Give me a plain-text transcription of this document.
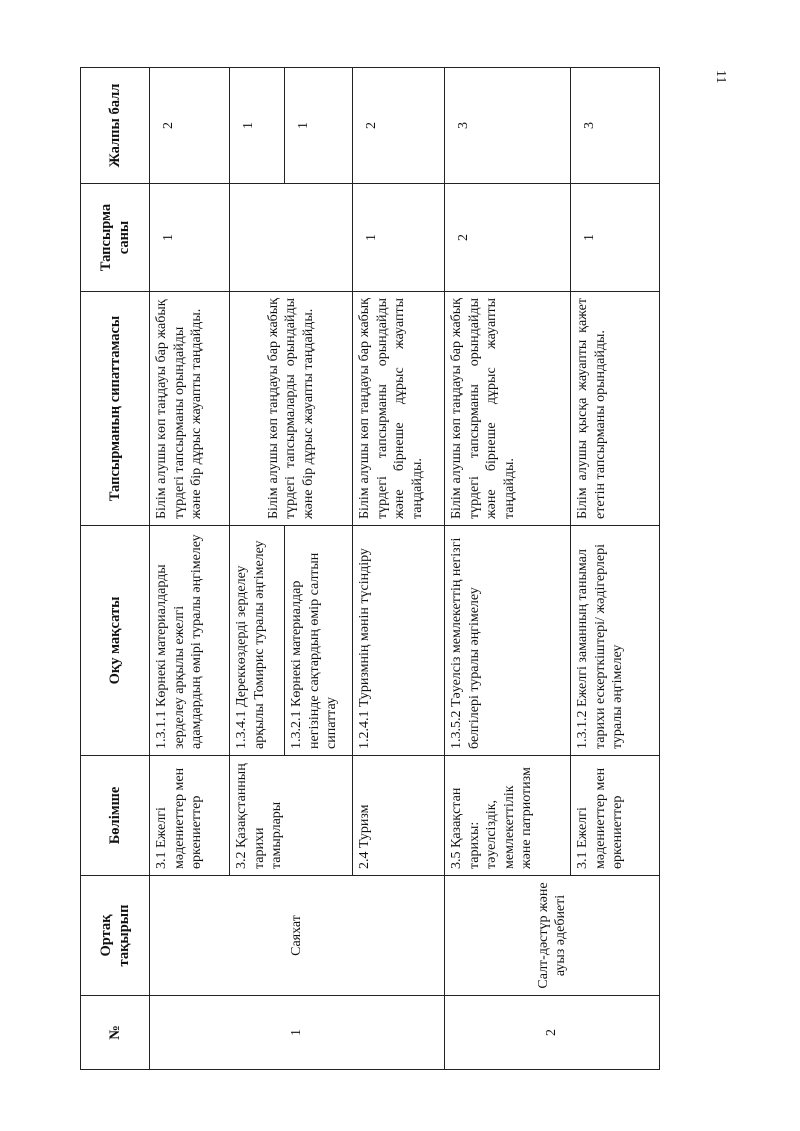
11
№	Ортақ тақырып	Бөлімше	Оқу мақсаты	Тапсырманың сипаттамасы	Тапсырма саны	Жалпы балл
1	Саяхат	3.1 Ежелгі мәдениеттер мен өркениеттер	1.3.1.1 Көрнекі материалдарды зерделеу арқылы ежелгі адамдардың өмірі туралы әңгімелеу	Білім алушы көп таңдауы бар жабық түрдегі тапсырманы орындайды және бір дұрыс жауапты таңдайды.	1	2
		3.2 Қазақстанның тарихи тамырлары	1.3.4.1 Дереккөздерді зерделеу арқылы Томирис туралы әңгімелеу	Білім алушы көп таңдауы бар жабық түрдегі тапсырмаларды орындайды және бір дұрыс жауапты таңдайды.		1
			1.3.2.1 Көрнекі материалдар негізінде сақтардың өмір салтын сипаттау			1
		2.4 Туризм	1.2.4.1 Туризмнің мәнін түсіндіру	Білім алушы көп таңдауы бар жабық түрдегі тапсырманы орындайды және бірнеше дұрыс жауапты таңдайды.	1	2
2	Салт-дәстүр және ауыз әдебиеті	3.5 Қазақстан тарихы: тәуелсіздік, мемлекеттілік және патриотизм	1.3.5.2 Тәуелсіз мемлекеттің негізгі белгілері туралы әңгімелеу	Білім алушы көп таңдауы бар жабық түрдегі тапсырманы орындайды және бірнеше дұрыс жауапты таңдайды.	2	3
		3.1 Ежелгі мәдениеттер мен өркениеттер	1.3.1.2 Ежелгі заманның танымал тарихи ескерткіштері/ жәдігерлері туралы әңгімелеу	Білім алушы қысқа жауапты қажет ететін тапсырманы орындайды.	1	3
